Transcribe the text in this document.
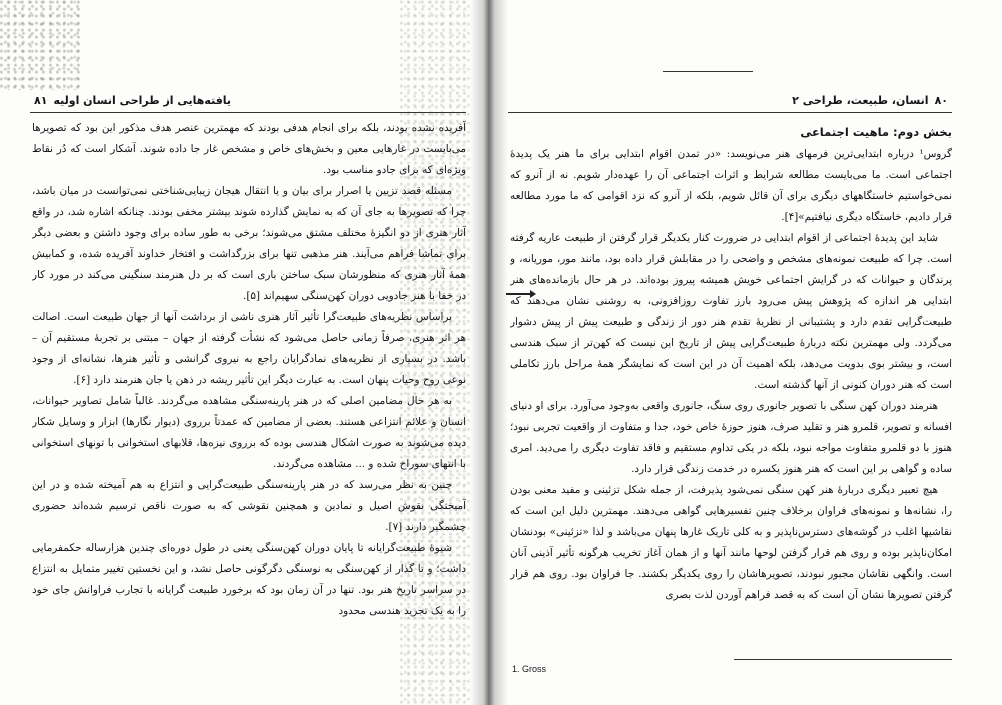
یافته‌هایی از طراحی انسان اولیه
۸۱

آفریده نشده بودند، بلکه برای انجام هدفی بودند که مهمترین عنصر هدف مذکور این بود که تصویرها می‌بایست در غارهایی معین و بخش‌های خاص و مشخص غار جا داده شوند. آشکار است که دُر نقاط ویژه‌ای که برای جادو مناسب بود.

مسئله قصد تزیین یا اصرار برای بیان و یا انتقال هیجان زیبایی‌شناختی نمی‌توانست در میان باشد، چرا که تصویرها به جای آن که به نمایش گذارده شوند بیشتر مخفی بودند. چنانکه اشاره شد، در واقع آثار هنری از دو انگیزهٔ مختلف مشتق می‌شوند؛ برخی به طور ساده برای وجود داشتن و بعضی دیگر برای تماشا فراهم می‌آیند. هنر مذهبی تنها برای بزرگداشت و افتخار خداوند آفریده شده، و کمابیش همهٔ آثار هنری که منظورشان سبک ساختن باری است که بر دل هنرمند سنگینی می‌کند در مورد کار در خفا با هنر جادویی دوران کهن‌سنگی سهیم‌اند [۵].

براساس نظریه‌های طبیعت‌گرا تأثیر آثار هنری ناشی از برداشت آنها از جهان طبیعت است. اصالت هر اثر هنری، صرفاً زمانی حاصل می‌شود که نشأت گرفته از جهان – مبتنی بر تجربهٔ مستقیم آن – باشد. در بسیاری از نظریه‌های نمادگرایان راجع به نیروی گرانشی و تأثیر هنرها، نشانه‌ای از وجود نوعی روح وحیات پنهان است. به عبارت دیگر این تأثیر ریشه در ذهن یا جان هنرمند دارد [۶].

به هر حال مضامین اصلی که در هنر پارینه‌سنگی مشاهده می‌گردند. غالباً شامل تصاویر حیوانات، انسان و علائم انتزاعی هستند. بعضی از مضامین که عمدتاً برروی (دیوار نگارها) ابزار و وسایل شکار دیده می‌شوند به صورت اشکال هندسی بوده که برروی نیزه‌ها، قلابهای استخوانی با تونهای استخوانی با انتهای سوراخ شده و ... مشاهده می‌گردند.

چنین به نظر می‌رسد که در هنر پارینه‌سنگی طبیعت‌گرایی و انتزاع به هم آمیخته شده و در این آمیختگی نقوش اصیل و نمادین و همچنین نقوشی که به صورت ناقص ترسیم شده‌اند حضوری چشمگیر دارند [۷].

شیوهٔ طبیعت‌گرایانه تا پایان دوران کهن‌سنگی یعنی در طول دوره‌ای چندین هزارساله حکمفرمایی داشت؛ و تا گذار از کهن‌سنگی به نوسنگی دگرگونی حاصل نشد، و این نخستین تغییر متمایل به انتزاع در سراسر تاریخ هنر بود. تنها در آن زمان بود که برخورد طبیعت گرایانه با تجارب فراوانش جای خود را به یک تجرید هندسی محدود

۸۰
انسان، طبیعت، طراحی ۲
بخش دوم: ماهیت اجتماعی

گروس¹ درباره ابتدایی‌ترین فرمهای هنر می‌نویسد: «در تمدن اقوام ابتدایی برای ما هنر یک پدیدهٔ اجتماعی است. ما می‌بایست مطالعه شرایط و اثرات اجتماعی آن را عهده‌دار شویم. نه از آنرو که نمی‌خواستیم خاستگاههای دیگری برای آن قائل شویم، بلکه از آنرو که نزد اقوامی که ما مورد مطالعه قرار دادیم، خاستگاه دیگری نیافتیم»[۴].

شاید این پدیدهٔ اجتماعی از اقوام ابتدایی در ضرورت کنار یکدیگر قرار گرفتن از طبیعت عاریه گرفته است. چرا که طبیعت نمونه‌های مشخص و واضحی را در مقابلش قرار داده بود، مانند مور، موریانه، و پرندگان و حیوانات که در گرایش اجتماعی خویش همیشه پیروز بوده‌اند. در هر حال بازمانده‌های هنر ابتدایی هر اندازه که پژوهش پیش می‌رود بارز تفاوت روزافزونی، به روشنی نشان می‌دهند که طبیعت‌گرایی تقدم دارد و پشتیبانی از نظریهٔ تقدم هنر دور از زندگی و طبیعت پیش از پیش دشوار می‌گردد. ولی مهمترین نکته دربارهٔ طبیعت‌گرایی پیش از تاریخ این نیست که کهن‌تر از سبک هندسی است، و بیشتر بوی بدویت می‌دهد، بلکه اهمیت آن در این است که نمایشگر همهٔ مراحل بارز تکاملی است که هنر دوران کنونی از آنها گذشته است.

هنرمند دوران کهن سنگی با تصویر جانوری روی سنگ، جانوری واقعی به‌وجود می‌آورد. برای او دنیای افسانه و تصویر، قلمرو هنر و تقلید صرف، هنوز حوزهٔ خاص خود، جدا و متفاوت از واقعیت تجربی نبود؛ هنوز با دو قلمرو متفاوت مواجه نبود، بلکه در یکی تداوم مستقیم و فاقد تفاوت دیگری را می‌دید. امری ساده و گواهی بر این است که هنر هنوز یکسره در خدمت زندگی قرار دارد.

هیچ تعبیر دیگری دربارهٔ هنر کهن سنگی نمی‌شود پذیرفت، از جمله شکل تزئینی و مفید معنی بودن را، نشانه‌ها و نمونه‌های فراوان برخلاف چنین تفسیرهایی گواهی می‌دهند. مهمترین دلیل این است که نقاشیها اغلب در گوشه‌های دسترس‌ناپذیر و به کلی تاریک غارها پنهان می‌باشد و لذا «تزئینی» بودنشان امکان‌ناپذیر بوده و روی هم قرار گرفتن لوحها مانند آنها و از همان آغاز تخریب هرگونه تأثیر آذینی آنان است. وانگهی نقاشان مجبور نبودند، تصویرهاشان را روی یکدیگر بکشند. جا فراوان بود. روی هم قرار گرفتن تصویرها نشان آن است که به قصد فراهم آوردن لذت بصری

1. Gross
